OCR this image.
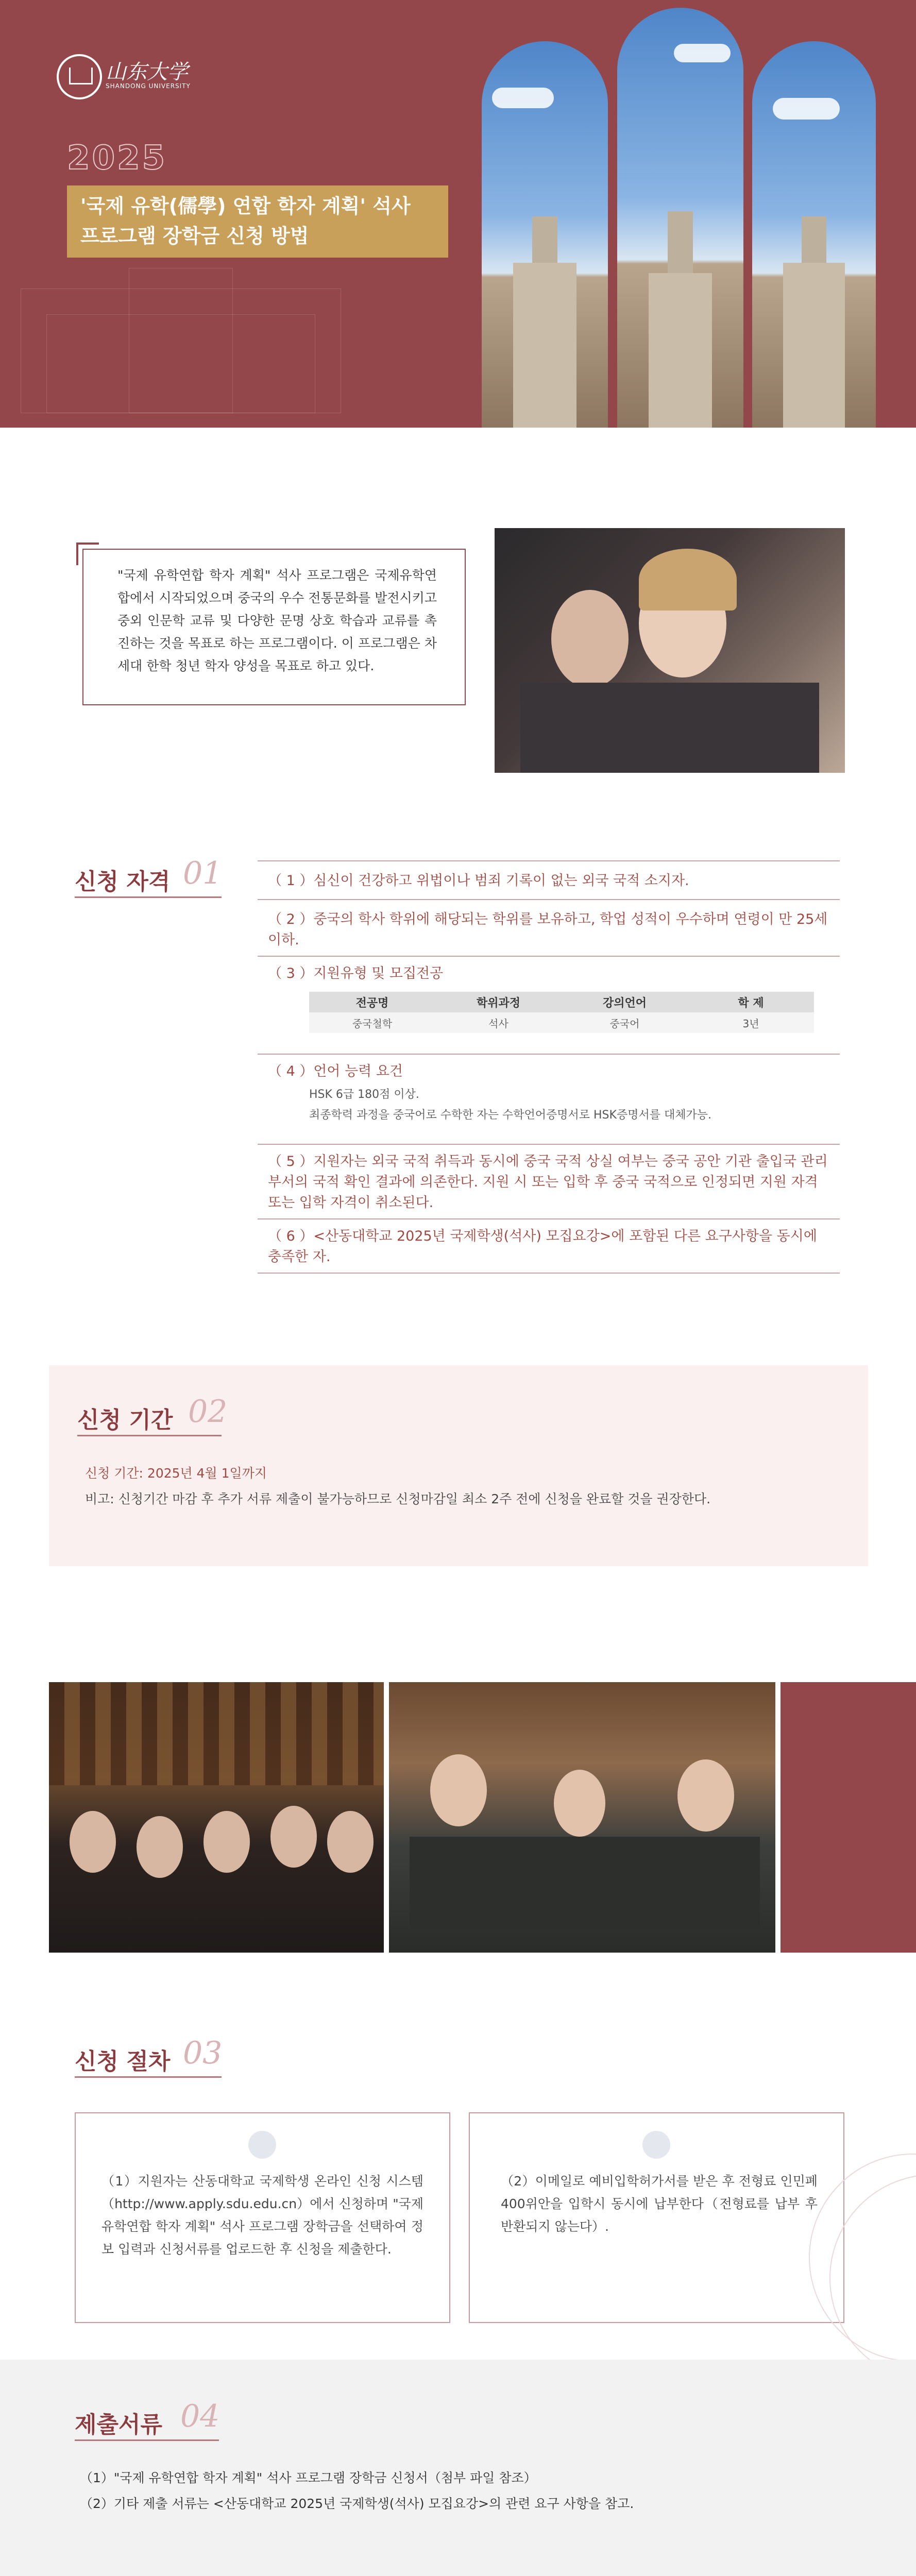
山东大学
SHANDONG UNIVERSITY
2025
'국제 유학(儒學) 연합 학자 계획' 석사
프로그램 장학금 신청 방법
"국제 유학연합 학자 계획" 석사 프로그램은 국제유학연합에서 시작되었으며 중국의 우수 전통문화를 발전시키고 중외 인문학 교류 및 다양한 문명 상호 학습과 교류를 촉진하는 것을 목표로 하는 프로그램이다. 이 프로그램은 차세대 한학 청년 학자 양성을 목표로 하고 있다.
신청 자격 01	（ 1 ）심신이 건강하고 위법이나 범죄 기록이 없는 외국 국적 소지자.
（ 2 ）중국의 학사 학위에 해당되는 학위를 보유하고, 학업 성적이 우수하며 연령이 만 25세 이하.
（ 3 ）지원유형 및 모집전공
전공명	학위과정	강의언어	학 제
중국철학	석사	중국어	3년
（ 4 ）언어 능력 요건
HSK 6급 180점 이상.
최종학력 과정을 중국어로 수학한 자는 수학언어증명서로 HSK증명서를 대체가능.
（ 5 ）지원자는 외국 국적 취득과 동시에 중국 국적 상실 여부는 중국 공안 기관 출입국 관리부서의 국적 확인 결과에 의존한다. 지원 시 또는 입학 후 중국 국적으로 인정되면 지원 자격 또는 입학 자격이 취소된다.
（ 6 ）<산동대학교 2025년 국제학생(석사) 모집요강>에 포함된 다른 요구사항을 동시에 충족한 자.
신청 기간 02
신청 기간: 2025년 4월 1일까지
비고: 신청기간 마감 후 추가 서류 제출이 불가능하므로 신청마감일 최소 2주 전에 신청을 완료할 것을 권장한다.
신청 절차 03
（1）지원자는 산동대학교 국제학생 온라인 신청 시스템（http://www.apply.sdu.edu.cn）에서 신청하며 "국제 유학연합 학자 계획" 석사 프로그램 장학금을 선택하여 정보 입력과 신청서류를 업로드한 후 신청을 제출한다.
（2）이메일로 예비입학허가서를 받은 후 전형료 인민폐 400위안을 입학시 동시에 납부한다（전형료를 납부 후 반환되지 않는다）.
제출서류 04
（1）"국제 유학연합 학자 계획" 석사 프로그램 장학금 신청서（첨부 파일 참조）
（2）기타 제출 서류는 <산동대학교 2025년 국제학생(석사) 모집요강>의 관련 요구 사항을 참고.
